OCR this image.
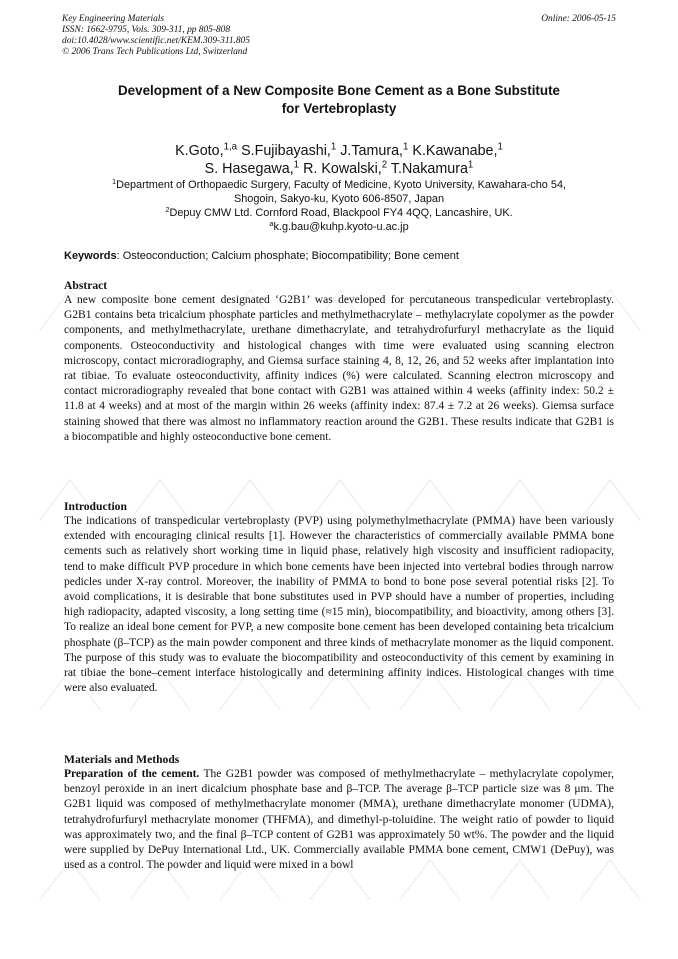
Key Engineering Materials
ISSN: 1662-9795, Vols. 309-311, pp 805-808
doi:10.4028/www.scientific.net/KEM.309-311.805
© 2006 Trans Tech Publications Ltd, Switzerland
Online: 2006-05-15
Development of a New Composite Bone Cement as a Bone Substitute
for Vertebroplasty
K.Goto,$^{1,a}$ S.Fujibayashi,$^1$ J.Tamura,$^1$ K.Kawanabe,$^1$
S. Hasegawa,$^1$ R. Kowalski,$^2$ T.Nakamura$^1$
$^1$Department of Orthopaedic Surgery, Faculty of Medicine, Kyoto University, Kawahara-cho 54,
Shogoin, Sakyo-ku, Kyoto 606-8507, Japan
$^2$Depuy CMW Ltd. Cornford Road, Blackpool FY4 4QQ, Lancashire, UK.
$^a$k.g.bau@kuhp.kyoto-u.ac.jp
Keywords: Osteoconduction; Calcium phosphate; Biocompatibility; Bone cement
Abstract

A new composite bone cement designated ‘G2B1’ was developed for percutaneous transpedicular vertebroplasty. G2B1 contains beta tricalcium phosphate particles and methylmethacrylate – methylacrylate copolymer as the powder components, and methylmethacrylate, urethane dimethacrylate, and tetrahydrofurfuryl methacrylate as the liquid components. Osteoconductivity and histological changes with time were evaluated using scanning electron microscopy, contact microradiography, and Giemsa surface staining 4, 8, 12, 26, and 52 weeks after implantation into rat tibiae. To evaluate osteoconductivity, affinity indices (%) were calculated. Scanning electron microscopy and contact microradiography revealed that bone contact with G2B1 was attained within 4 weeks (affinity index: 50.2 ± 11.8 at 4 weeks) and at most of the margin within 26 weeks (affinity index: 87.4 ± 7.2 at 26 weeks). Giemsa surface staining showed that there was almost no inflammatory reaction around the G2B1. These results indicate that G2B1 is a biocompatible and highly osteoconductive bone cement.

Introduction

The indications of transpedicular vertebroplasty (PVP) using polymethylmethacrylate (PMMA) have been variously extended with encouraging clinical results [1]. However the characteristics of commercially available PMMA bone cements such as relatively short working time in liquid phase, relatively high viscosity and insufficient radiopacity, tend to make difficult PVP procedure in which bone cements have been injected into vertebral bodies through narrow pedicles under X-ray control. Moreover, the inability of PMMA to bond to bone pose several potential risks [2]. To avoid complications, it is desirable that bone substitutes used in PVP should have a number of properties, including high radiopacity, adapted viscosity, a long setting time (≈15 min), biocompatibility, and bioactivity, among others [3]. To realize an ideal bone cement for PVP, a new composite bone cement has been developed containing beta tricalcium phosphate (β–TCP) as the main powder component and three kinds of methacrylate monomer as the liquid component. The purpose of this study was to evaluate the biocompatibility and osteoconductivity of this cement by examining in rat tibiae the bone–cement interface histologically and determining affinity indices. Histological changes with time were also evaluated.

Materials and Methods

Preparation of the cement. The G2B1 powder was composed of methylmethacrylate – methylacrylate copolymer, benzoyl peroxide in an inert dicalcium phosphate base and β–TCP. The average β–TCP particle size was 8 μm. The G2B1 liquid was composed of methylmethacrylate monomer (MMA), urethane dimethacrylate monomer (UDMA), tetrahydrofurfuryl methacrylate monomer (THFMA), and dimethyl-p-toluidine. The weight ratio of powder to liquid was approximately two, and the final β–TCP content of G2B1 was approximately 50 wt%. The powder and the liquid were supplied by DePuy International Ltd., UK. Commercially available PMMA bone cement, CMW1 (DePuy), was used as a control. The powder and liquid were mixed in a bowl
